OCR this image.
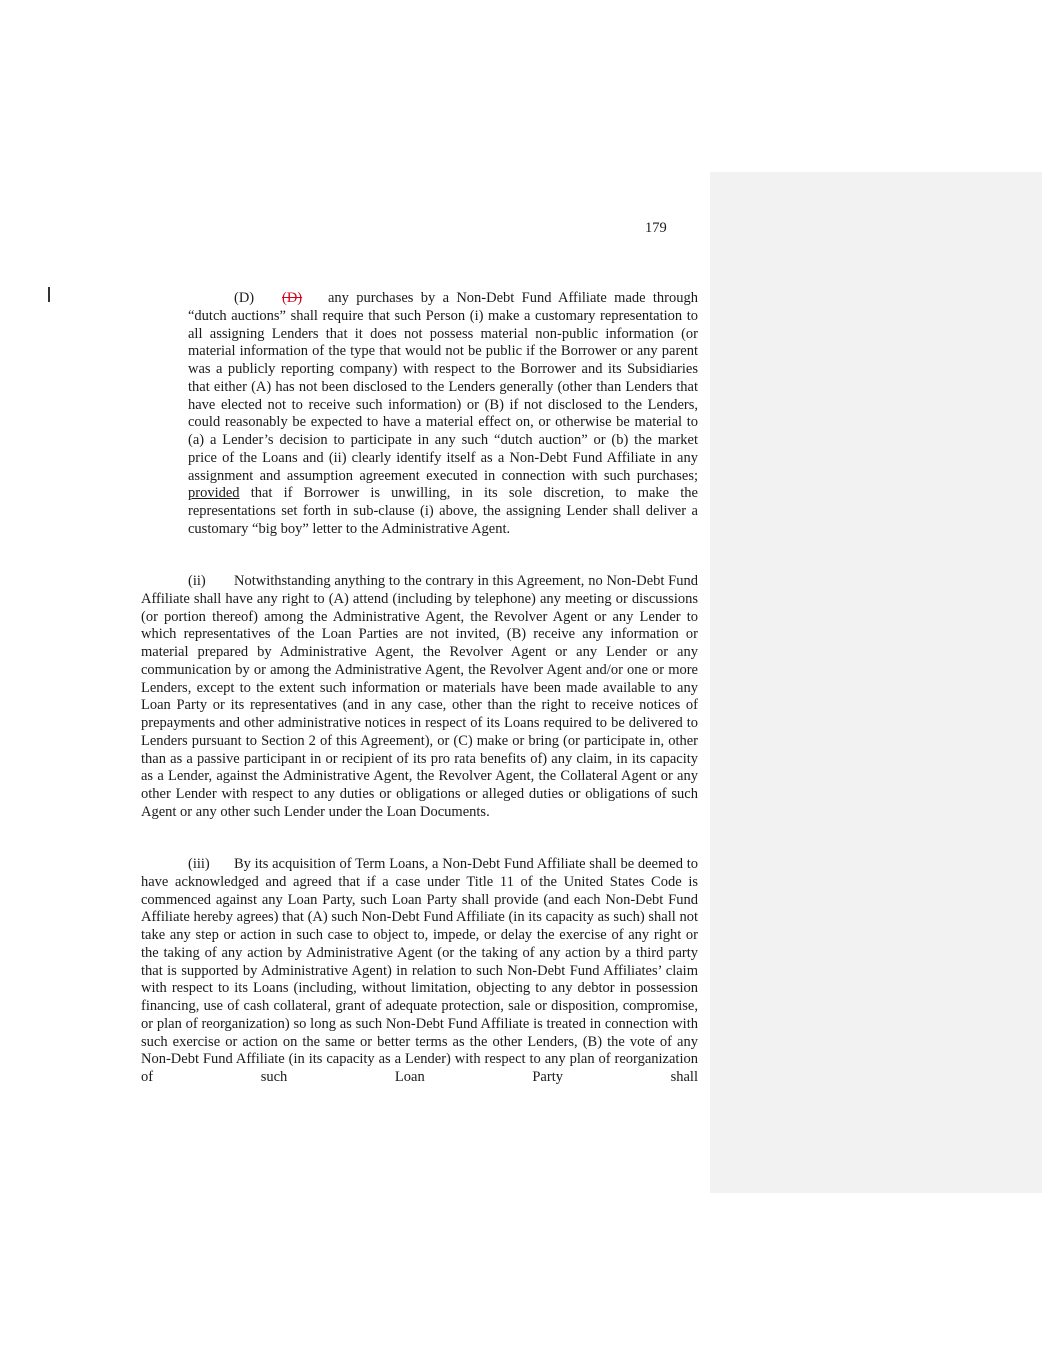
179

(D) (D) any purchases by a Non-Debt Fund Affiliate made through “dutch auctions” shall require that such Person (i) make a customary representation to all assigning Lenders that it does not possess material non-public information (or material information of the type that would not be public if the Borrower or any parent was a publicly reporting company) with respect to the Borrower and its Subsidiaries that either (A) has not been disclosed to the Lenders generally (other than Lenders that have elected not to receive such information) or (B) if not disclosed to the Lenders, could reasonably be expected to have a material effect on, or otherwise be material to (a) a Lender’s decision to participate in any such “dutch auction” or (b) the market price of the Loans and (ii) clearly identify itself as a Non-Debt Fund Affiliate in any assignment and assumption agreement executed in connection with such purchases; provided that if Borrower is unwilling, in its sole discretion, to make the representations set forth in sub-clause (i) above, the assigning Lender shall deliver a customary “big boy” letter to the Administrative Agent.

(ii) Notwithstanding anything to the contrary in this Agreement, no Non-Debt Fund Affiliate shall have any right to (A) attend (including by telephone) any meeting or discussions (or portion thereof) among the Administrative Agent, the Revolver Agent or any Lender to which representatives of the Loan Parties are not invited, (B) receive any information or material prepared by Administrative Agent, the Revolver Agent or any Lender or any communication by or among the Administrative Agent, the Revolver Agent and/or one or more Lenders, except to the extent such information or materials have been made available to any Loan Party or its representatives (and in any case, other than the right to receive notices of prepayments and other administrative notices in respect of its Loans required to be delivered to Lenders pursuant to Section 2 of this Agreement), or (C) make or bring (or participate in, other than as a passive participant in or recipient of its pro rata benefits of) any claim, in its capacity as a Lender, against the Administrative Agent, the Revolver Agent, the Collateral Agent or any other Lender with respect to any duties or obligations or alleged duties or obligations of such Agent or any other such Lender under the Loan Documents.

(iii) By its acquisition of Term Loans, a Non-Debt Fund Affiliate shall be deemed to have acknowledged and agreed that if a case under Title 11 of the United States Code is commenced against any Loan Party, such Loan Party shall provide (and each Non-Debt Fund Affiliate hereby agrees) that (A) such Non-Debt Fund Affiliate (in its capacity as such) shall not take any step or action in such case to object to, impede, or delay the exercise of any right or the taking of any action by Administrative Agent (or the taking of any action by a third party that is supported by Administrative Agent) in relation to such Non-Debt Fund Affiliates’ claim with respect to its Loans (including, without limitation, objecting to any debtor in possession financing, use of cash collateral, grant of adequate protection, sale or disposition, compromise, or plan of reorganization) so long as such Non-Debt Fund Affiliate is treated in connection with such exercise or action on the same or better terms as the other Lenders, (B) the vote of any Non-Debt Fund Affiliate (in its capacity as a Lender) with respect to any plan of reorganization of such Loan Party shall
